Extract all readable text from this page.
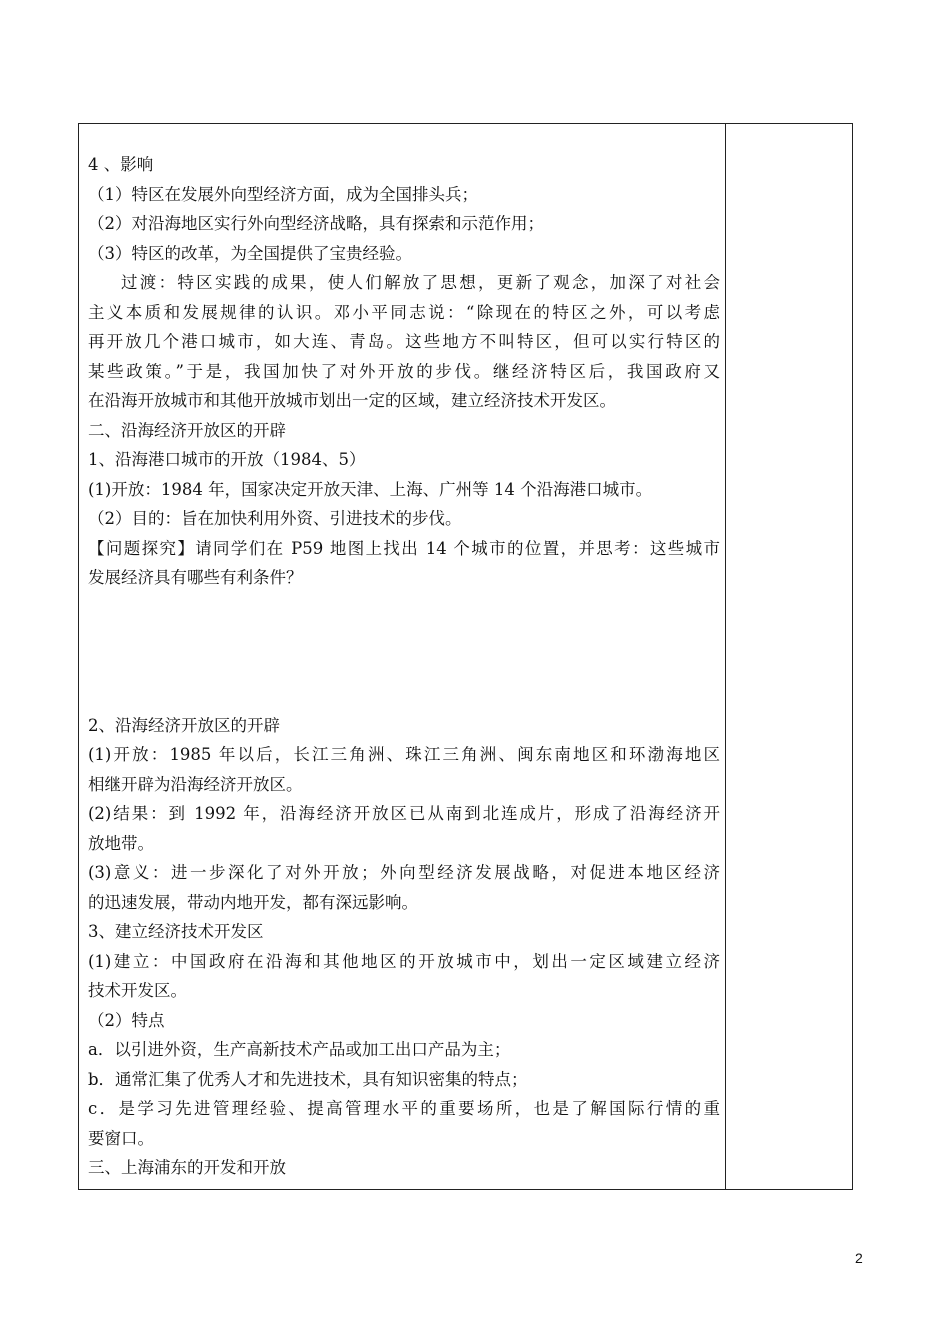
4 、影响
（1）特区在发展外向型经济方面，成为全国排头兵；
（2）对沿海地区实行外向型经济战略，具有探索和示范作用；
（3）特区的改革，为全国提供了宝贵经验。
过渡：特区实践的成果，使人们解放了思想，更新了观念，加深了对社会
主义本质和发展规律的认识。邓小平同志说：“除现在的特区之外，可以考虑
再开放几个港口城市，如大连、青岛。这些地方不叫特区，但可以实行特区的
某些政策。”于是，我国加快了对外开放的步伐。继经济特区后，我国政府又
在沿海开放城市和其他开放城市划出一定的区域，建立经济技术开发区。
二、沿海经济开放区的开辟
1、沿海港口城市的开放（1984、5）
(1)开放：1984 年，国家决定开放天津、上海、广州等 14 个沿海港口城市。
（2）目的：旨在加快利用外资、引进技术的步伐。
【问题探究】请同学们在 P59 地图上找出 14 个城市的位置，并思考：这些城市
发展经济具有哪些有利条件？
2、沿海经济开放区的开辟
(1)开放：1985 年以后，长江三角洲、珠江三角洲、闽东南地区和环渤海地区
相继开辟为沿海经济开放区。
(2)结果：到 1992 年，沿海经济开放区已从南到北连成片，形成了沿海经济开
放地带。
(3)意义：进一步深化了对外开放；外向型经济发展战略，对促进本地区经济
的迅速发展，带动内地开发，都有深远影响。
3、建立经济技术开发区
(1)建立：中国政府在沿海和其他地区的开放城市中，划出一定区域建立经济
技术开发区。
（2）特点
a．以引进外资，生产高新技术产品或加工出口产品为主；
b．通常汇集了优秀人才和先进技术，具有知识密集的特点；
c．是学习先进管理经验、提高管理水平的重要场所，也是了解国际行情的重
要窗口。
三、上海浦东的开发和开放
2
